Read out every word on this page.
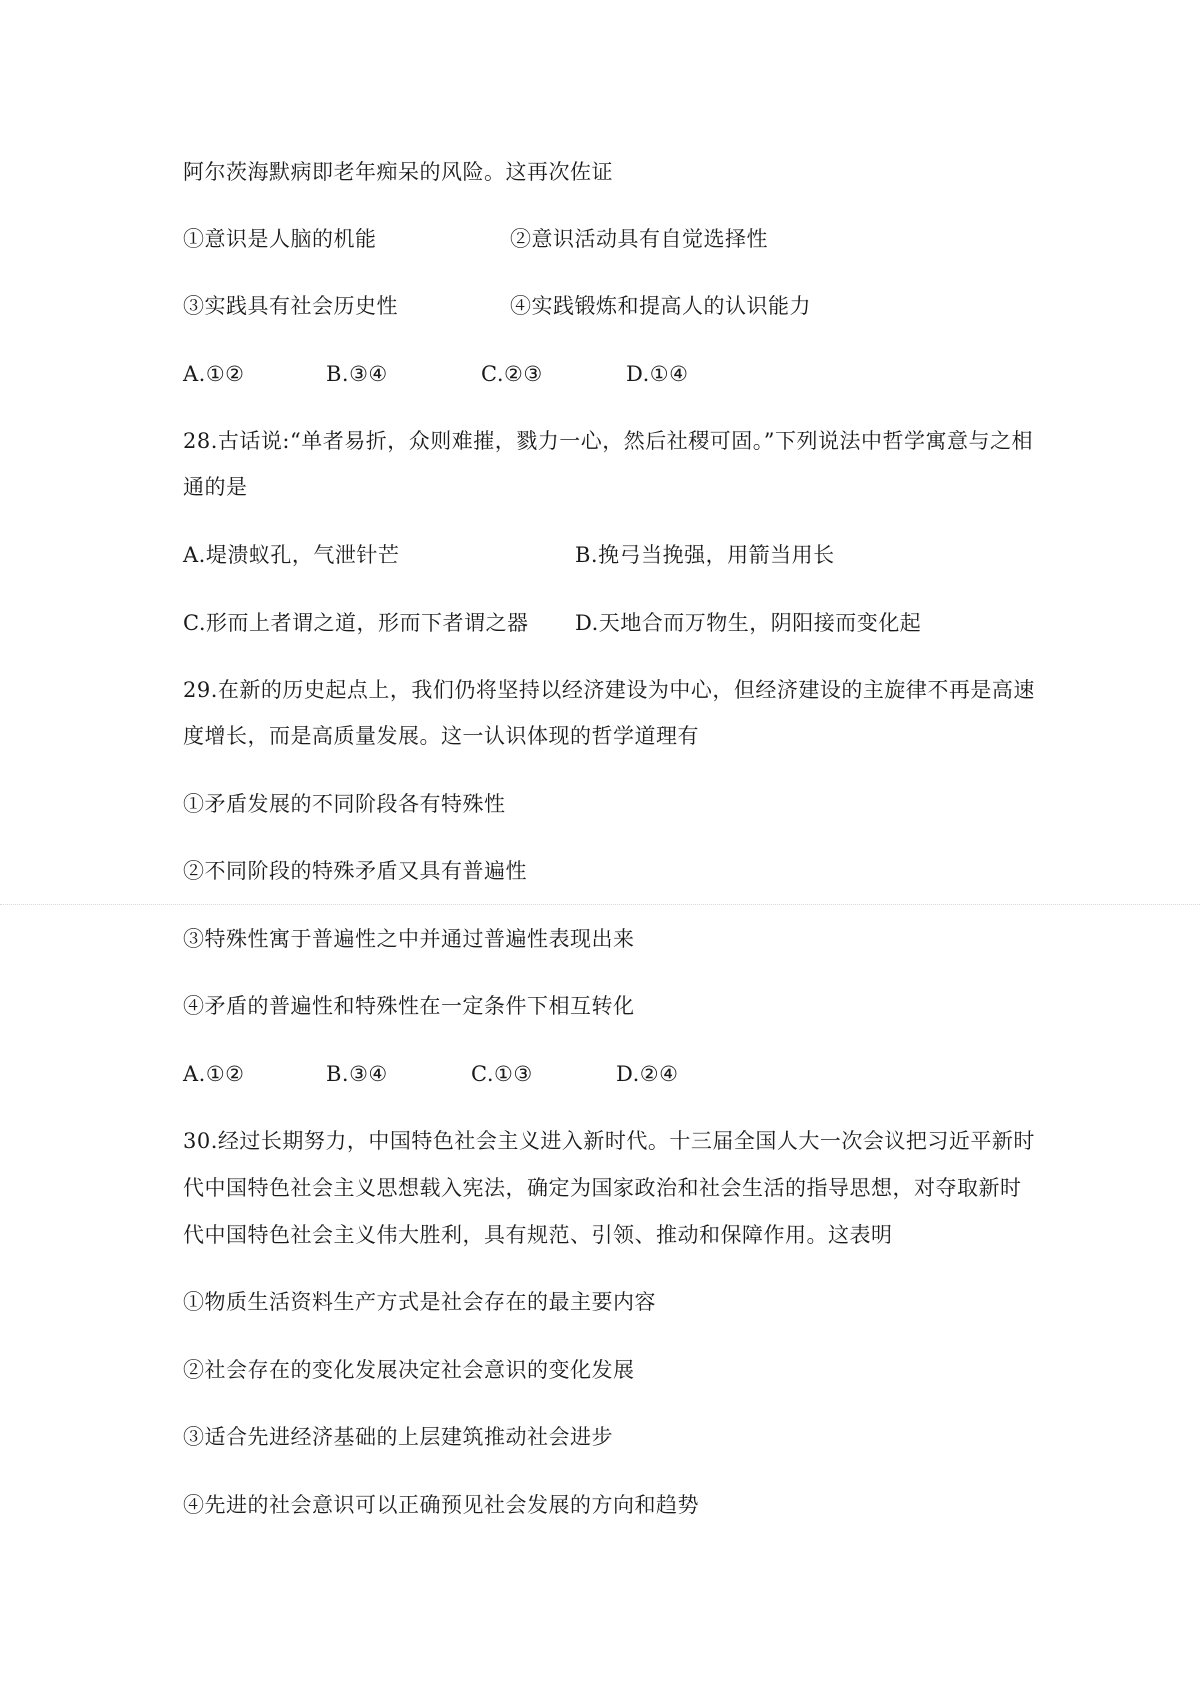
阿尔茨海默病即老年痴呆的风险。这再次佐证
①意识是人脑的机能	②意识活动具有自觉选择性
③实践具有社会历史性	④实践锻炼和提高人的认识能力
A.①②	B.③④	C.②③	D.①④
28.古话说:“单者易折，众则难摧，戮力一心，然后社稷可固。”下列说法中哲学寓意与之相
通的是
A.堤溃蚁孔，气泄针芒	B.挽弓当挽强，用箭当用长
C.形而上者谓之道，形而下者谓之器 D.天地合而万物生，阴阳接而变化起
29.在新的历史起点上，我们仍将坚持以经济建设为中心，但经济建设的主旋律不再是高速
度增长，而是高质量发展。这一认识体现的哲学道理有
①矛盾发展的不同阶段各有特殊性
②不同阶段的特殊矛盾又具有普遍性
③特殊性寓于普遍性之中并通过普遍性表现出来
④矛盾的普遍性和特殊性在一定条件下相互转化
A.①②	B.③④	C.①③	D.②④
30.经过长期努力，中国特色社会主义进入新时代。十三届全国人大一次会议把习近平新时
代中国特色社会主义思想载入宪法，确定为国家政治和社会生活的指导思想，对夺取新时
代中国特色社会主义伟大胜利，具有规范、引领、推动和保障作用。这表明
①物质生活资料生产方式是社会存在的最主要内容
②社会存在的变化发展决定社会意识的变化发展
③适合先进经济基础的上层建筑推动社会进步
④先进的社会意识可以正确预见社会发展的方向和趋势
